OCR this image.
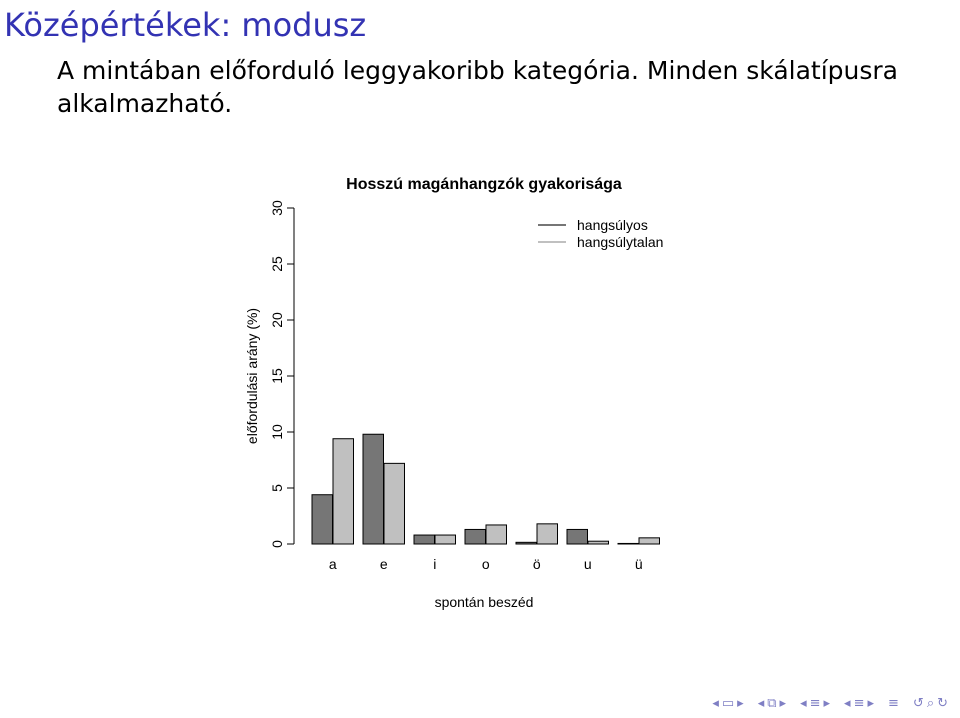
Középértékek: modusz
A mintában előforduló leggyakoribb kategória. Minden skálatípusra alkalmazható.
Hosszú magánhangzók gyakorisága
0
5
10
15
20
25
30
előfordulási arány (%)
a	e	i	o	ö	u	ü
spontán beszéd
hangsúlyos
hangsúlytalan
◂ ▭ ▸ ◂ ⧉ ▸ ◂ ≡ ▸ ◂ ≡ ▸ ≡ ↺ ⌕ ↻
